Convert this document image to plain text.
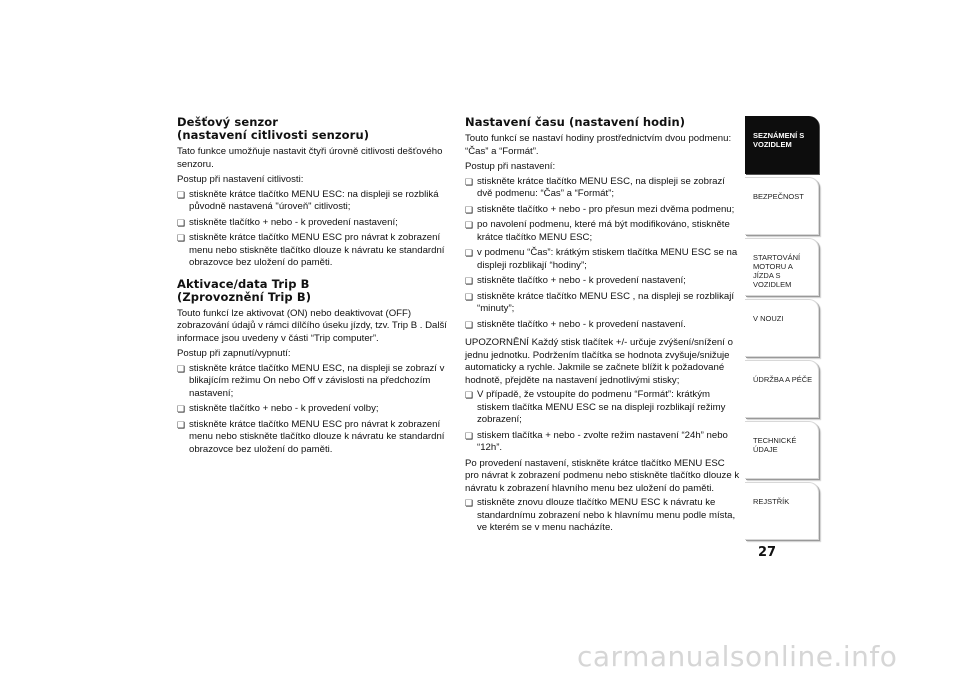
Dešťový senzor
(nastavení citlivosti senzoru)

Tato funkce umožňuje nastavit čtyři úrovně citlivosti dešťového senzoru.

Postup při nastavení citlivosti:

❏ stiskněte krátce tlačítko MENU ESC: na displeji se rozbliká původně nastavená "úroveň" citlivosti;
❏ stiskněte tlačítko + nebo - k provedení nastavení;
❏ stiskněte krátce tlačítko MENU ESC pro návrat k zobrazení menu nebo stiskněte tlačítko dlouze k návratu ke standardní obrazovce bez uložení do paměti.
Aktivace/data Trip B
(Zprovoznění Trip B)

Touto funkcí lze aktivovat (ON) nebo deaktivovat (OFF) zobrazování údajů v rámci dílčího úseku jízdy, tzv. Trip B . Další informace jsou uvedeny v části “Trip computer”.

Postup při zapnutí/vypnutí:

❏ stiskněte krátce tlačítko MENU ESC, na displeji se zobrazí v blikajícím režimu On nebo Off v závislosti na předchozím nastavení;
❏ stiskněte tlačítko + nebo - k provedení volby;
❏ stiskněte krátce tlačítko MENU ESC pro návrat k zobrazení menu nebo stiskněte tlačítko dlouze k návratu ke standardní obrazovce bez uložení do paměti.
Nastavení času (nastavení hodin)

Touto funkcí se nastaví hodiny prostřednictvím dvou podmenu: “Čas” a “Formát”.

Postup při nastavení:

❏ stiskněte krátce tlačítko MENU ESC, na displeji se zobrazí dvě podmenu: “Čas” a “Formát”;
❏ stiskněte tlačítko + nebo - pro přesun mezi dvěma podmenu;
❏ po navolení podmenu, které má být modifikováno, stiskněte krátce tlačítko MENU ESC;
❏ v podmenu “Čas”: krátkým stiskem tlačítka MENU ESC se na displeji rozblikají “hodiny”;
❏ stiskněte tlačítko + nebo - k provedení nastavení;
❏ stiskněte krátce tlačítko MENU ESC , na displeji se rozblikají “minuty”;
❏ stiskněte tlačítko + nebo - k provedení nastavení.

UPOZORNĚNÍ Každý stisk tlačítek +/- určuje zvýšení/snížení o jednu jednotku. Podržením tlačítka se hodnota zvyšuje/snižuje automaticky a rychle. Jakmile se začnete blížit k požadované hodnotě, přejděte na nastavení jednotlivými stisky;

❏ V případě, že vstoupíte do podmenu “Formát”: krátkým stiskem tlačítka MENU ESC se na displeji rozblikají režimy zobrazení;
❏ stiskem tlačítka + nebo - zvolte režim nastavení “24h” nebo “12h”.

Po provedení nastavení, stiskněte krátce tlačítko MENU ESC pro návrat k zobrazení podmenu nebo stiskněte tlačítko dlouze k návratu k zobrazení hlavního menu bez uložení do paměti.

❏ stiskněte znovu dlouze tlačítko MENU ESC k návratu ke standardnímu zobrazení nebo k hlavnímu menu podle místa, ve kterém se v menu nacházíte.
SEZNÁMENÍ S VOZIDLEM
BEZPEČNOST
STARTOVÁNÍ MOTORU A JÍZDA S VOZIDLEM
V NOUZI
ÚDRŽBA A PÉČE
TECHNICKÉ ÚDAJE
REJSTŘÍK
27
carmanualsonline.info
